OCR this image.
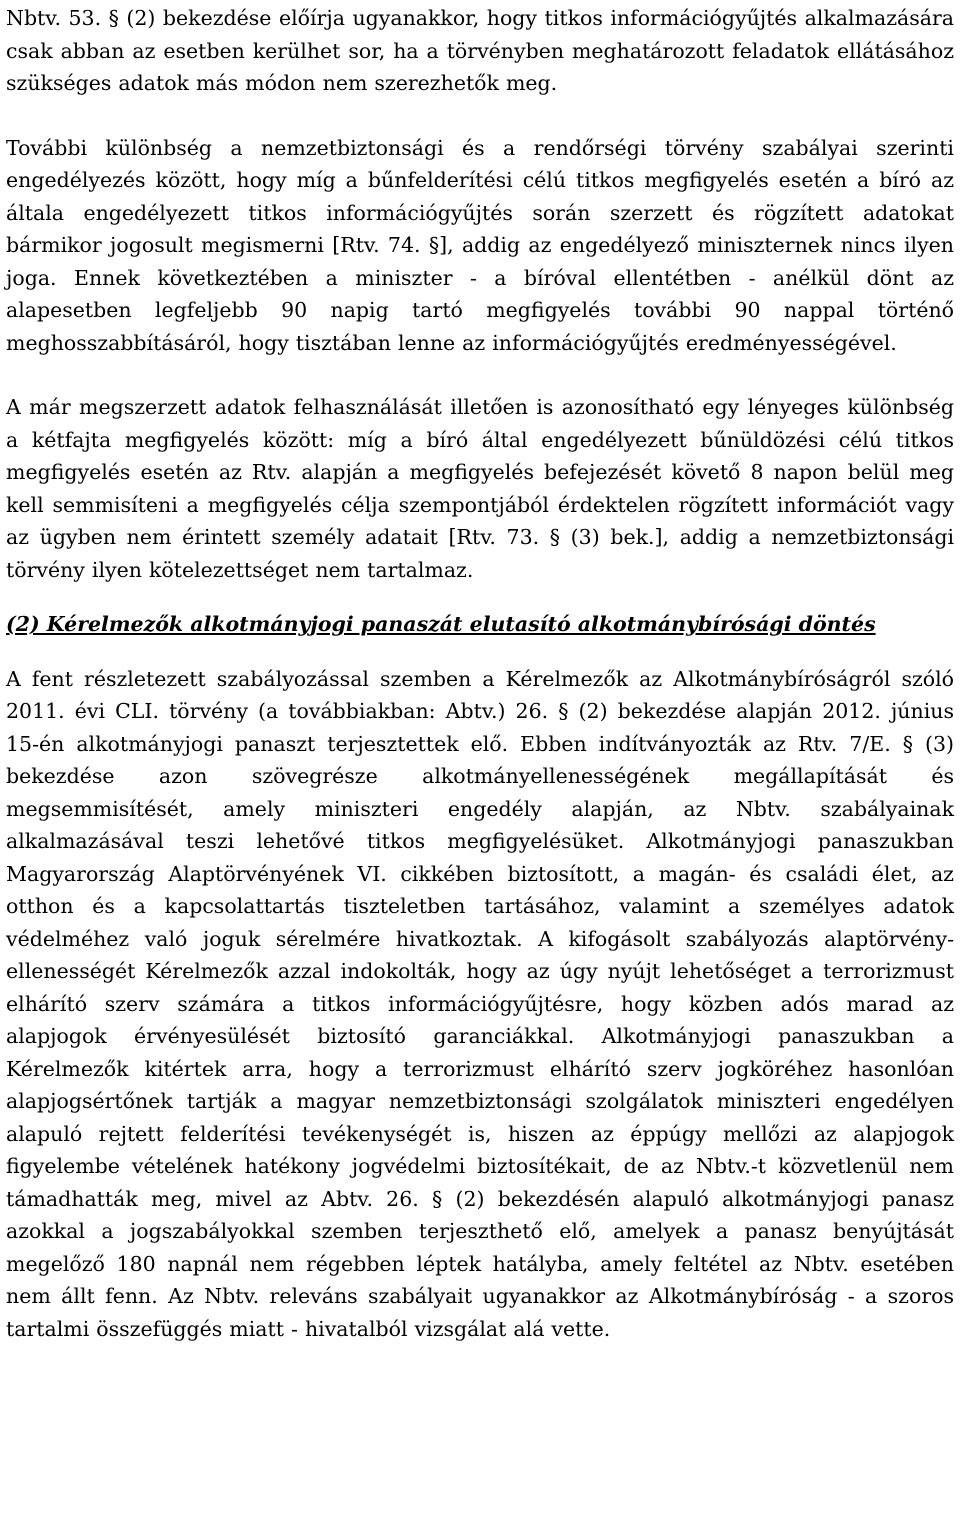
Nbtv. 53. § (2) bekezdése előírja ugyanakkor, hogy titkos információgyűjtés alkalmazására csak abban az esetben kerülhet sor, ha a törvényben meghatározott feladatok ellátásához szükséges adatok más módon nem szerezhetők meg.

További különbség a nemzetbiztonsági és a rendőrségi törvény szabályai szerinti engedélyezés között, hogy míg a bűnfelderítési célú titkos megfigyelés esetén a bíró az általa engedélyezett titkos információgyűjtés során szerzett és rögzített adatokat bármikor jogosult megismerni [Rtv. 74. §], addig az engedélyező miniszternek nincs ilyen joga. Ennek következtében a miniszter - a bíróval ellentétben - anélkül dönt az alapesetben legfeljebb 90 napig tartó megfigyelés további 90 nappal történő meghosszabbításáról, hogy tisztában lenne az információgyűjtés eredményességével.

A már megszerzett adatok felhasználását illetően is azonosítható egy lényeges különbség a kétfajta megfigyelés között: míg a bíró által engedélyezett bűnüldözési célú titkos megfigyelés esetén az Rtv. alapján a megfigyelés befejezését követő 8 napon belül meg kell semmisíteni a megfigyelés célja szempontjából érdektelen rögzített információt vagy az ügyben nem érintett személy adatait [Rtv. 73. § (3) bek.], addig a nemzetbiztonsági törvény ilyen kötelezettséget nem tartalmaz.

(2) Kérelmezők alkotmányjogi panaszát elutasító alkotmánybírósági döntés

A fent részletezett szabályozással szemben a Kérelmezők az Alkotmánybíróságról szóló 2011. évi CLI. törvény (a továbbiakban: Abtv.) 26. § (2) bekezdése alapján 2012. június 15-én alkotmányjogi panaszt terjesztettek elő. Ebben indítványozták az Rtv. 7/E. § (3) bekezdése azon szövegrésze alkotmányellenességének megállapítását és megsemmisítését, amely miniszteri engedély alapján, az Nbtv. szabályainak alkalmazásával teszi lehetővé titkos megfigyelésüket. Alkotmányjogi panaszukban Magyarország Alaptörvényének VI. cikkében biztosított, a magán- és családi élet, az otthon és a kapcsolattartás tiszteletben tartásához, valamint a személyes adatok védelméhez való joguk sérelmére hivatkoztak. A kifogásolt szabályozás alaptörvény-ellenességét Kérelmezők azzal indokolták, hogy az úgy nyújt lehetőséget a terrorizmust elhárító szerv számára a titkos információgyűjtésre, hogy közben adós marad az alapjogok érvényesülését biztosító garanciákkal. Alkotmányjogi panaszukban a Kérelmezők kitértek arra, hogy a terrorizmust elhárító szerv jogköréhez hasonlóan alapjogsértőnek tartják a magyar nemzetbiztonsági szolgálatok miniszteri engedélyen alapuló rejtett felderítési tevékenységét is, hiszen az éppúgy mellőzi az alapjogok figyelembe vételének hatékony jogvédelmi biztosítékait, de az Nbtv.-t közvetlenül nem támadhatták meg, mivel az Abtv. 26. § (2) bekezdésén alapuló alkotmányjogi panasz azokkal a jogszabályokkal szemben terjeszthető elő, amelyek a panasz benyújtását megelőző 180 napnál nem régebben léptek hatályba, amely feltétel az Nbtv. esetében nem állt fenn. Az Nbtv. releváns szabályait ugyanakkor az Alkotmánybíróság - a szoros tartalmi összefüggés miatt - hivatalból vizsgálat alá vette.
